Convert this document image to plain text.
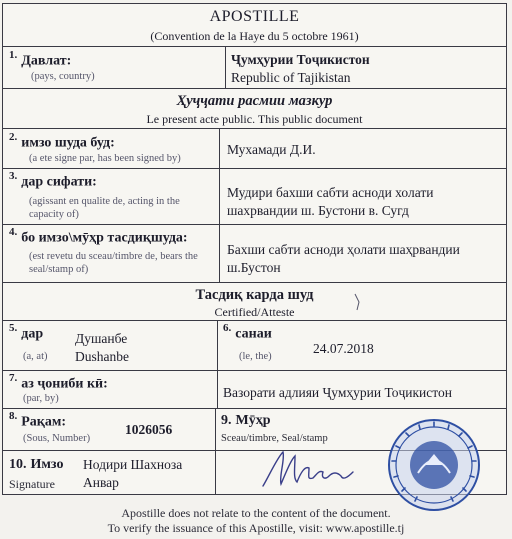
APOSTILLE
(Convention de la Haye du 5 octobre 1961)
$^{1.}$ Давлат:
(pays, country)
Ҷумҳурии Тоҷикистон
Republic of Tajikistan
Ҳуҷҷати расмии мазкур
Le present acte public. This public document
$^{2.}$ имзо шуда буд:
(a ete signe par, has been signed by)
Мухамади Д.И.
$^{3.}$ дар сифати:
(agissant en qualite de, acting in the capacity of)
Мудири бахши сабти асноди холати шахрвандии ш. Бустони в. Сугд
$^{4.}$ бо имзо\мӯҳр тасдиқшуда:
(est revetu du sceau/timbre de, bears the seal/stamp of)
Бахши сабти асноди ҳолати шаҳрвандии ш.Бустон
Тасдиқ карда шуд
Certified/Atteste
$^{5.}$ дар
(a, at)
Душанбе
Dushanbe
$^{6.}$ санаи
(le, the)
24.07.2018
$^{7.}$ аз ҷониби кӣ:
(par, by)	Вазорати адлияи Ҷумҳурии Тоҷикистон
$^{8.}$ Рақам:
(Sous, Number)
1026056
9. Мӯҳр
Sceau/timbre, Seal/stamp
10. Имзо
Signature
Нодири Шахноза
Анвар
Apostille does not relate to the content of the document.
To verify the issuance of this Apostille, visit: www.apostille.tj
